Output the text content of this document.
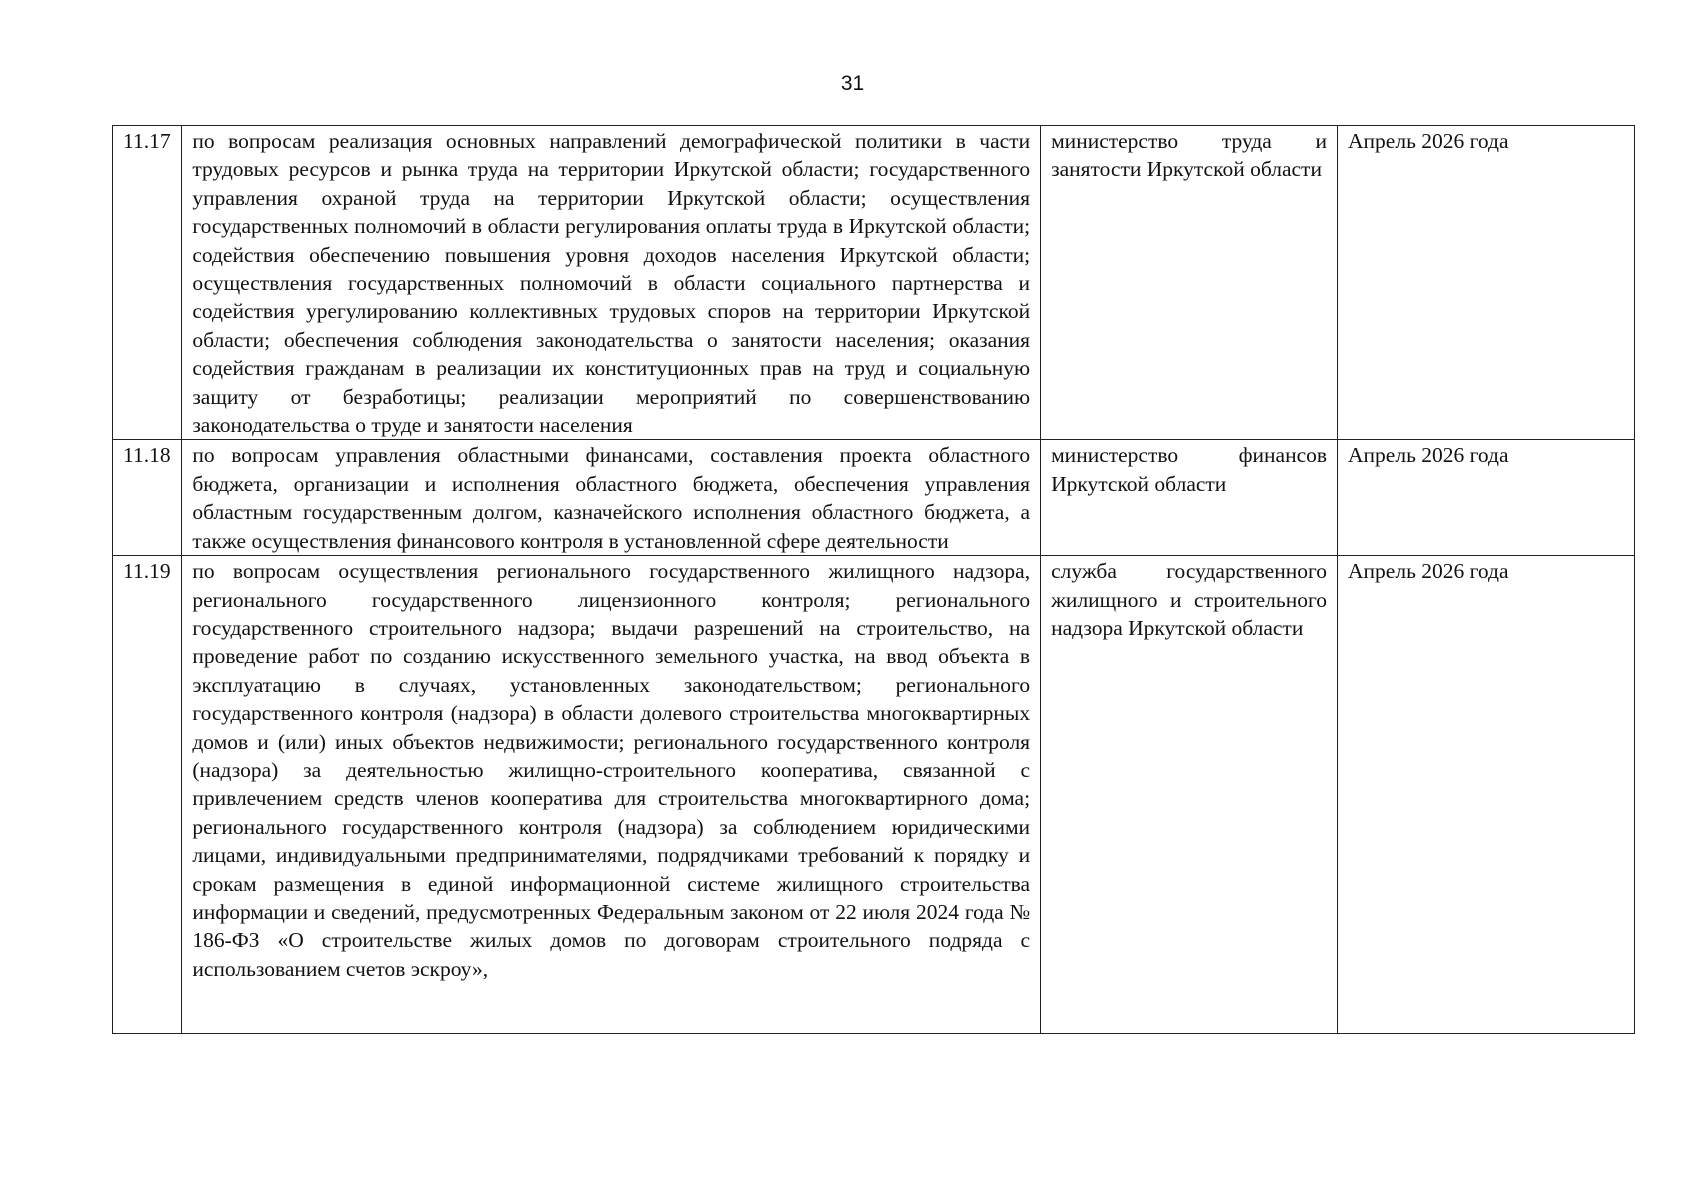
31
11.17	по вопросам реализация основных направлений демографической политики в части трудовых ресурсов и рынка труда на территории Иркутской области; государственного управления охраной труда на территории Иркутской области; осуществления государственных полномочий в области регулирования оплаты труда в Иркутской области; содействия обеспечению повышения уровня доходов населения Иркутской области; осуществления государственных полномочий в области социального партнерства и содействия урегулированию коллективных трудовых споров на территории Иркутской области; обеспечения соблюдения законодательства о занятости населения; оказания содействия гражданам в реализации их конституционных прав на труд и социальную защиту от безработицы; реализации мероприятий по совершенствованию законодательства о труде и занятости населения	министерство труда и занятости Иркутской области	Апрель 2026 года
11.18	по вопросам управления областными финансами, составления проекта областного бюджета, организации и исполнения областного бюджета, обеспечения управления областным государственным долгом, казначейского исполнения областного бюджета, а также осуществления финансового контроля в установленной сфере деятельности	министерство финансов Иркутской области	Апрель 2026 года
11.19	по вопросам осуществления регионального государственного жилищного надзора, регионального государственного лицензионного контроля; регионального государственного строительного надзора; выдачи разрешений на строительство, на проведение работ по созданию искусственного земельного участка, на ввод объекта в эксплуатацию в случаях, установленных законодательством; регионального государственного контроля (надзора) в области долевого строительства многоквартирных домов и (или) иных объектов недвижимости; регионального государственного контроля (надзора) за деятельностью жилищно-строительного кооператива, связанной с привлечением средств членов кооператива для строительства многоквартирного дома; регионального государственного контроля (надзора) за соблюдением юридическими лицами, индивидуальными предпринимателями, подрядчиками требований к порядку и срокам размещения в единой информационной системе жилищного строительства информации и сведений, предусмотренных Федеральным законом от 22 июля 2024 года № 186-ФЗ «О строительстве жилых домов по договорам строительного подряда с использованием счетов эскроу»,	служба государственного жилищного и строительного надзора Иркутской области	Апрель 2026 года
